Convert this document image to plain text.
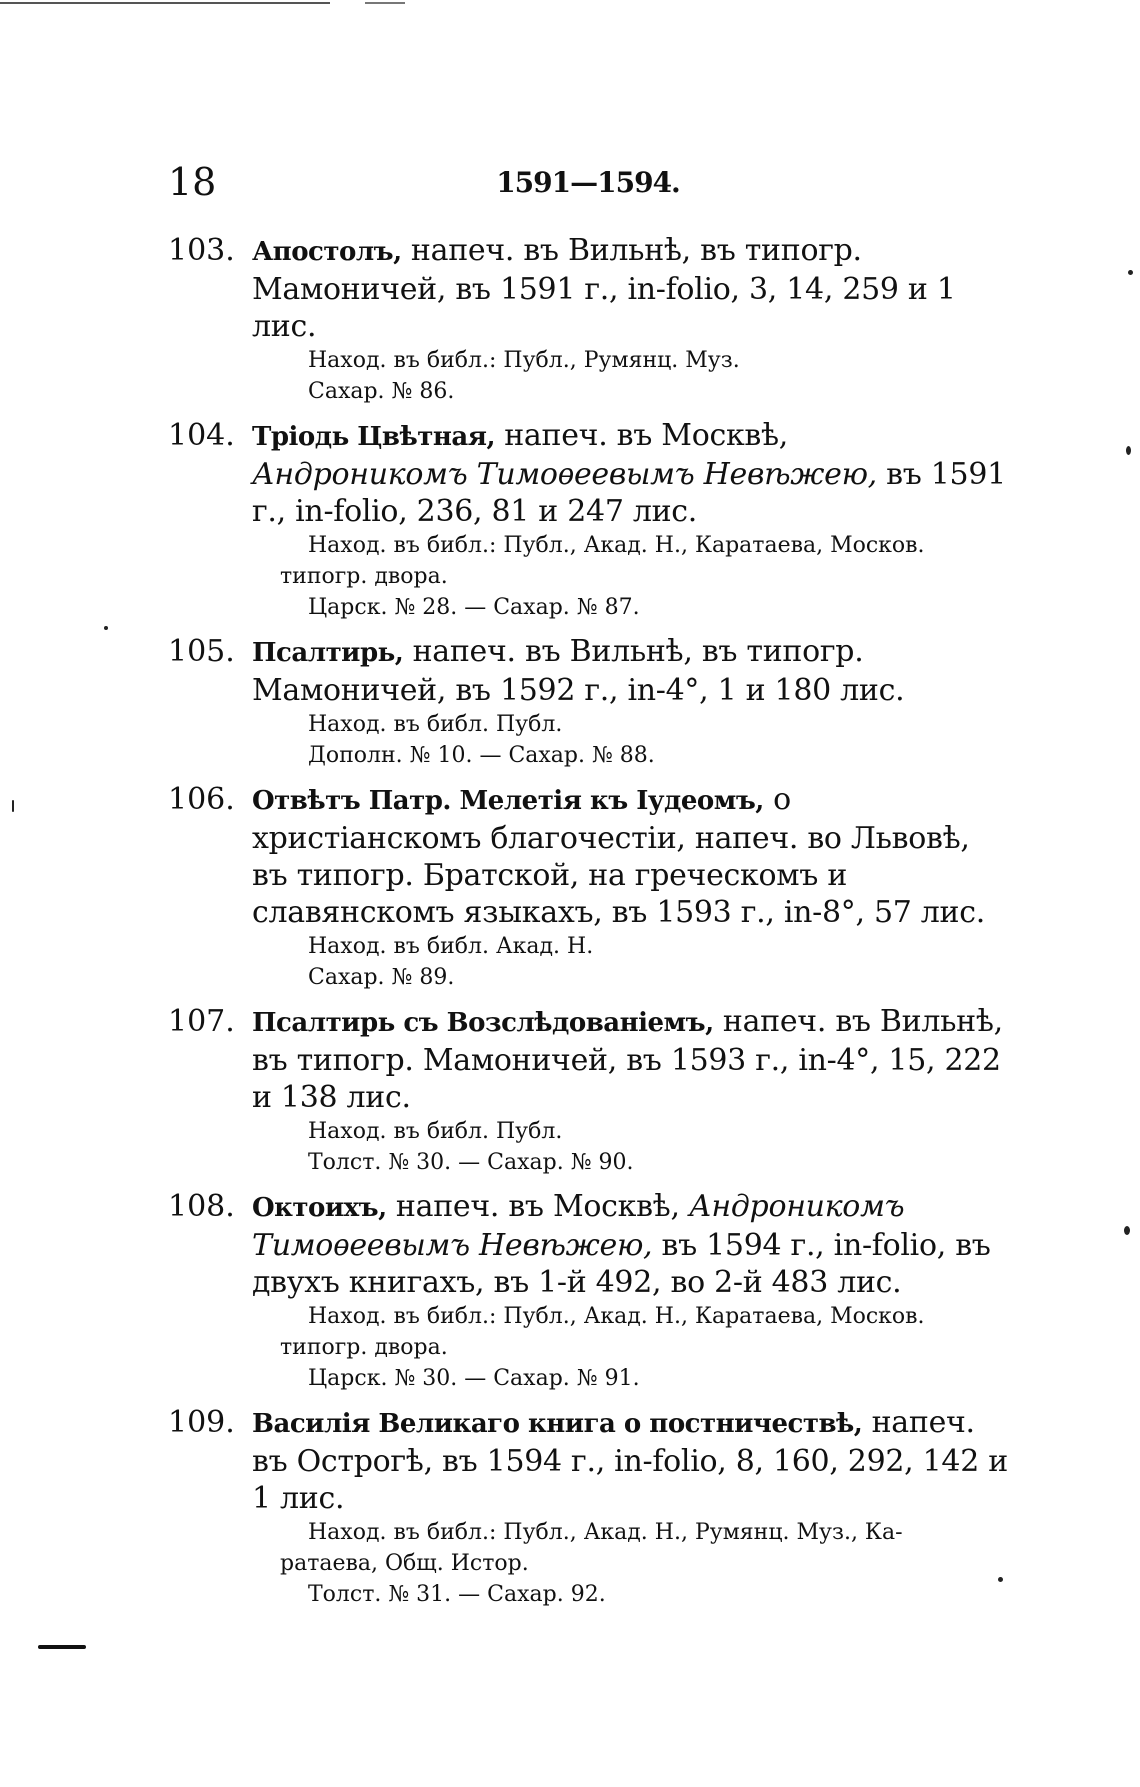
18	1591—1594.
103. Апостолъ, напеч. въ Вильнѣ, въ типогр. Мамоничей, въ 1591 г., in-folio, 3, 14, 259 и 1 лис.
Наход. въ библ.: Публ., Румянц. Муз.
Сахар. № 86.
104. Тріодь Цвѣтная, напеч. въ Москвѣ, Андроникомъ Тимоѳеевымъ Невѣжею, въ 1591 г., in-folio, 236, 81 и 247 лис.
Наход. въ библ.: Публ., Акад. Н., Каратаева, Москов.
типогр. двора.
Царск. № 28. — Сахар. № 87.
105. Псалтирь, напеч. въ Вильнѣ, въ типогр. Мамоничей, въ 1592 г., in-4°, 1 и 180 лис.
Наход. въ библ. Публ.
Дополн. № 10. — Сахар. № 88.
106. Отвѣтъ Патр. Мелетія къ Іудеомъ, о христіанскомъ благочестіи, напеч. во Львовѣ, въ типогр. Братской, на греческомъ и славянскомъ языкахъ, въ 1593 г., in-8°, 57 лис.
Наход. въ библ. Акад. Н.
Сахар. № 89.
107. Псалтирь съ Возслѣдованіемъ, напеч. въ Вильнѣ, въ типогр. Мамоничей, въ 1593 г., in-4°, 15, 222 и 138 лис.
Наход. въ библ. Публ.
Толст. № 30. — Сахар. № 90.
108. Октоихъ, напеч. въ Москвѣ, Андроникомъ Тимоѳеевымъ Невѣжею, въ 1594 г., in-folio, въ двухъ книгахъ, въ 1-й 492, во 2-й 483 лис.
Наход. въ библ.: Публ., Акад. Н., Каратаева, Москов.
типогр. двора.
Царск. № 30. — Сахар. № 91.
109. Василія Великаго книга о постничествѣ, напеч. въ Острогѣ, въ 1594 г., in-folio, 8, 160, 292, 142 и 1 лис.
Наход. въ библ.: Публ., Акад. Н., Румянц. Муз., Ка-
ратаева, Общ. Истор.
Толст. № 31. — Сахар. 92.
